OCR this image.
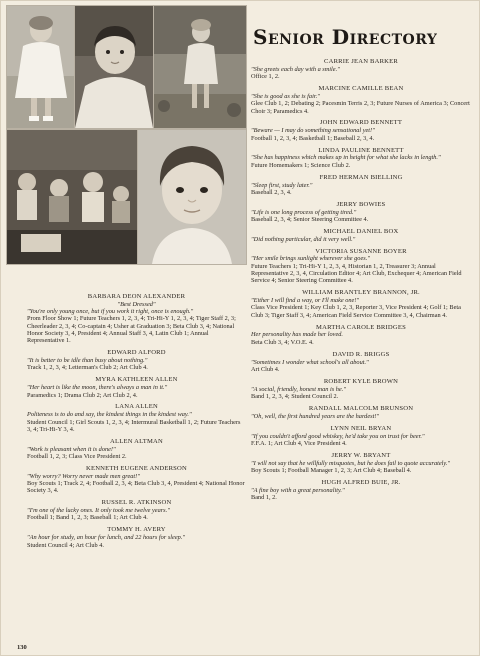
Senior Directory
BARBARA DEON ALEXANDER
"Best Dressed"
"You're only young once, but if you work it right, once is enough."
Prom Floor Show 1; Future Teachers 1, 2, 3, 4; Tri-Hi-Y 1, 2, 3, 4; Tiger Staff 2, 3; Cheerleader 2, 3, 4; Co-captain 4; Usher at Graduation 3; Beta Club 3, 4; National Honor Society 3, 4, President 4; Annual Staff 3, 4, Latin Club 1; Annual Representative 1.
EDWARD ALFORD
"It is better to be idle than busy about nothing."
Track 1, 2, 3, 4; Letterman's Club 2; Art Club 4.
MYRA KATHLEEN ALLEN
"Her heart is like the moon, there's always a man in it."
Paramedics 1; Drama Club 2; Art Club 2, 4.
LANA ALLEN
Politeness is to do and say, the kindest things in the kindest way."
Student Council 1; Girl Scouts 1, 2, 3, 4; Intermural Basketball 1, 2; Future Teachers 3, 4; Tri-Hi-Y 3, 4.
ALLEN ALTMAN
"Work is pleasant when it is done!"
Football 1, 2, 3; Class Vice President 2.
KENNETH EUGENE ANDERSON
"Why worry? Worry never made men great!"
Boy Scouts 1; Track 2, 4; Football 2, 3, 4; Beta Club 3, 4, President 4; National Honor Society 3, 4.
RUSSEL R. ATKINSON
"I'm one of the lucky ones. It only took me twelve years."
Football 1; Band 1, 2, 3; Baseball 1; Art Club 4.
TOMMY H. AVERY
"An hour for study, an hour for lunch, and 22 hours for sleep."
Student Council 4; Art Club 4.
CARRIE JEAN BARKER
"She greets each day with a smile."
Office 1, 2.
MARCINE CAMILLE BEAN
"She is good as she is fair."
Glee Club 1, 2; Debating 2; Pacesmin Terris 2, 3; Future Nurses of America 3; Concert Choir 3; Paramedics 4.
JOHN EDWARD BENNETT
"Beware — I may do something sensational yet!"
Football 1, 2, 3, 4; Basketball 1; Baseball 2, 3, 4.
LINDA PAULINE BENNETT
"She has happiness which makes up in height for what she lacks in length."
Future Homemakers 1; Science Club 2.
FRED HERMAN BIELLING
"Sleep first, study later."
Baseball 2, 3, 4.
JERRY BOWIES
"Life is one long process of getting tired."
Baseball 2, 3, 4; Senior Steering Committee 4.
MICHAEL DANIEL BOX
"Did nothing particular, did it very well."
VICTORIA SUSANNE BOYER
"Her smile brings sunlight wherever she goes."
Future Teachers 1; Tri-Hi-Y 1, 2, 3, 4, Historian 1, 2, Treasurer 3; Annual Representative 2, 3, 4, Circulation Editor 4; Art Club, Exchequer 4; American Field Service 4; Senior Steering Committee 4.
WILLIAM BRANTLEY BRANNON, JR.
"Either I will find a way, or I'll make one!"
Class Vice President 1; Key Club 1, 2, 3, Reporter 3, Vice President 4; Golf 1; Beta Club 3; Tiger Staff 3, 4; American Field Service Committee 3, 4, Chairman 4.
MARTHA CAROLE BRIDGES
Her personality has made her loved.
Beta Club 3, 4; V.O.E. 4.
DAVID R. BRIGGS
"Sometimes I wonder what school's all about."
Art Club 4.
ROBERT KYLE BROWN
"A social, friendly, honest man is he."
Band 1, 2, 3, 4; Student Council 2.
RANDALL MALCOLM BRUNSON
"Oh, well, the first hundred years are the hardest!"
LYNN NEIL BRYAN
"If you couldn't afford good whiskey, he'd take you on trust for beer."
F.F.A. 1; Art Club 4, Vice President 4.
JERRY W. BRYANT
"I will not say that he willfully misquotes, but he does fail to quote accurately."
Boy Scouts 1; Football Manager 1, 2, 3; Art Club 4; Baseball 4.
HUGH ALFRED BUIE, JR.
"A fine boy with a great personality."
Band 1, 2.
130
